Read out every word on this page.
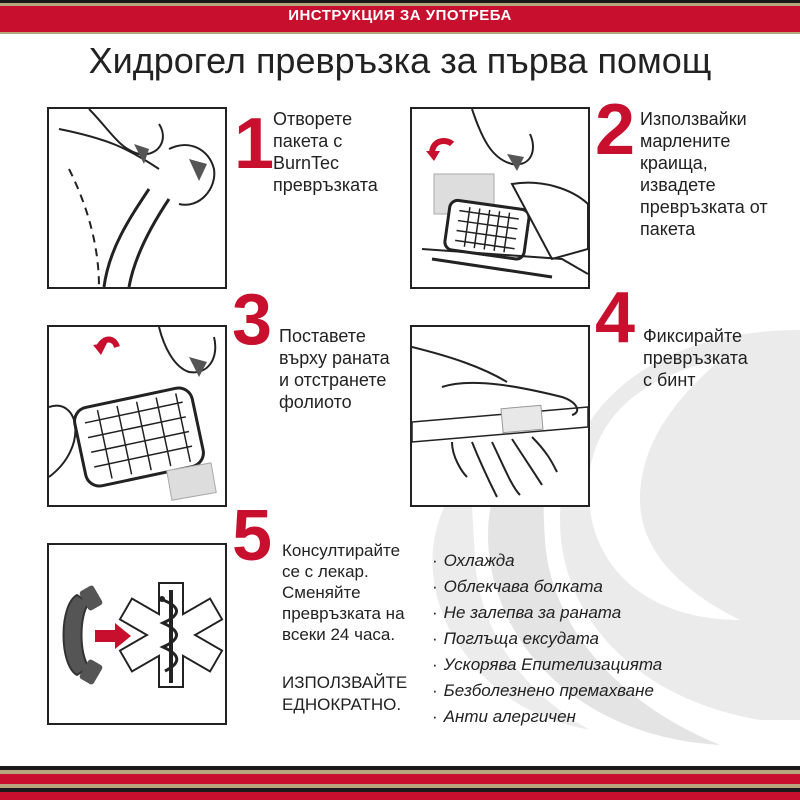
ИНСТРУКЦИЯ ЗА УПОТРЕБА
Хидрогел превръзка за първа помощ
1
Отворете
пакета с
BurnTec
превръзката
2 Използвайки
марлените
краища,
извадете
превръзката от
пакета
3 Поставете
върху раната
и отстранете
фолиото
4 Фиксирайте
превръзката
с бинт
5 Консултирайте
се с лекар.
Сменяйте
превръзката на
всеки 24 часа.
ИЗПОЛЗВАЙТЕ
ЕДНОКРАТНО.
· Охлажда
· Облекчава болката
· Не залепва за раната
· Поглъща ексудата
· Ускорява Епителизацията
· Безболезнено премахване
· Анти алергичен
